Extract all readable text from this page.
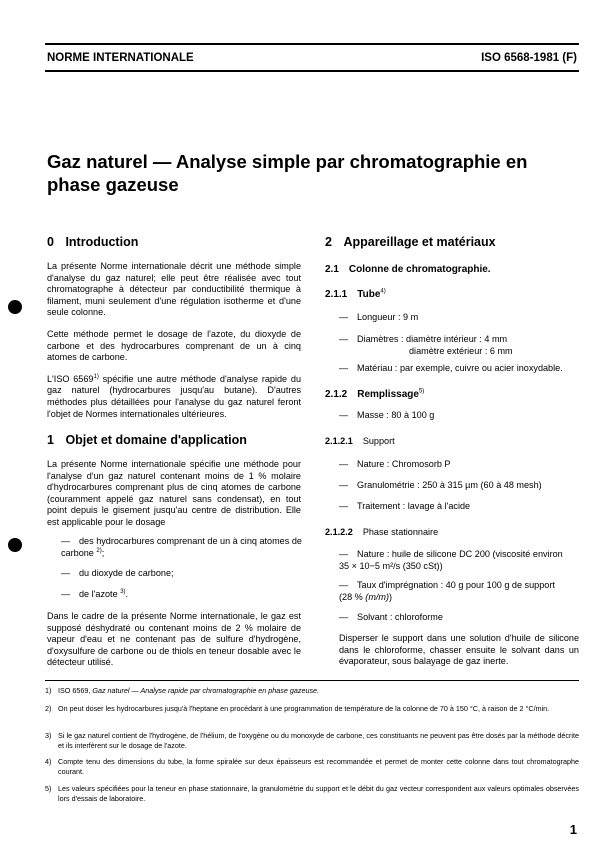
NORME INTERNATIONALE	ISO 6568-1981 (F)
Gaz naturel — Analyse simple par chromatographie en
phase gazeuse
0 Introduction

La présente Norme internationale décrit une méthode simple d'analyse du gaz naturel; elle peut être réalisée avec tout chromatographe à détecteur par conductibilité thermique à filament, muni seulement d'une régulation isotherme et d'une seule colonne.

Cette méthode permet le dosage de l'azote, du dioxyde de carbone et des hydrocarbures comprenant de un à cinq atomes de carbone.

L'ISO 6569$^{1)}$ spécifie une autre méthode d'analyse rapide du gaz naturel (hydrocarbures jusqu'au butane). D'autres méthodes plus détaillées pour l'analyse du gaz naturel feront l'objet de Normes internationales ultérieures.

1 Objet et domaine d'application

La présente Norme internationale spécifie une méthode pour l'analyse d'un gaz naturel contenant moins de 1 % molaire d'hydrocarbures comprenant plus de cinq atomes de carbone (couramment appelé gaz naturel sans condensat), en tout point depuis le gisement jusqu'au centre de distribution. Elle est applicable pour le dosage

— des hydrocarbures comprenant de un à cinq atomes de
carbone $^{2)}$;
— du dioxyde de carbone;
— de l'azote $^{3)}$.

Dans le cadre de la présente Norme internationale, le gaz est supposé déshydraté ou contenant moins de 2 % molaire de vapeur d'eau et ne contenant pas de sulfure d'hydrogène, d'oxysulfure de carbone ou de thiols en teneur dosable avec le détecteur utilisé.

2 Appareillage et matériaux
2.1 Colonne de chromatographie.
2.1.1 Tube$^{4)}$
— Longueur : 9 m
— Diamètres : diamètre intérieur : 4 mm
diamètre extérieur : 6 mm
— Matériau : par exemple, cuivre ou acier inoxydable.
2.1.2 Remplissage$^{5)}$
— Masse : 80 à 100 g
2.1.2.1 Support
— Nature : Chromosorb P
— Granulométrie : 250 à 315 µm (60 à 48 mesh)
— Traitement : lavage à l'acide
2.1.2.2 Phase stationnaire
— Nature : huile de silicone DC 200 (viscosité environ
35 × 10−5 m²/s (350 cSt))
— Taux d'imprégnation : 40 g pour 100 g de support
(28 % (m/m))
— Solvant : chloroforme

Disperser le support dans une solution d'huile de silicone dans le chloroforme, chasser ensuite le solvant dans un évaporateur, sous balayage de gaz inerte.

1) ISO 6569, Gaz naturel — Analyse rapide par chromatographie en phase gazeuse.
2) On peut doser les hydrocarbures jusqu'à l'heptane en procédant à une programmation de température de la colonne de 70 à 150 °C, à raison de 2 °C/min.
3) Si le gaz naturel contient de l'hydrogène, de l'hélium, de l'oxygène ou du monoxyde de carbone, ces constituants ne peuvent pas être dosés par la méthode décrite et ils interfèrent sur le dosage de l'azote.
4) Compte tenu des dimensions du tube, la forme spiralée sur deux épaisseurs est recommandée et permet de monter cette colonne dans tout chromatographe courant.
5) Les valeurs spécifiées pour la teneur en phase stationnaire, la granulométrie du support et le débit du gaz vecteur correspondent aux valeurs optimales observées lors d'essais de laboratoire.
1
